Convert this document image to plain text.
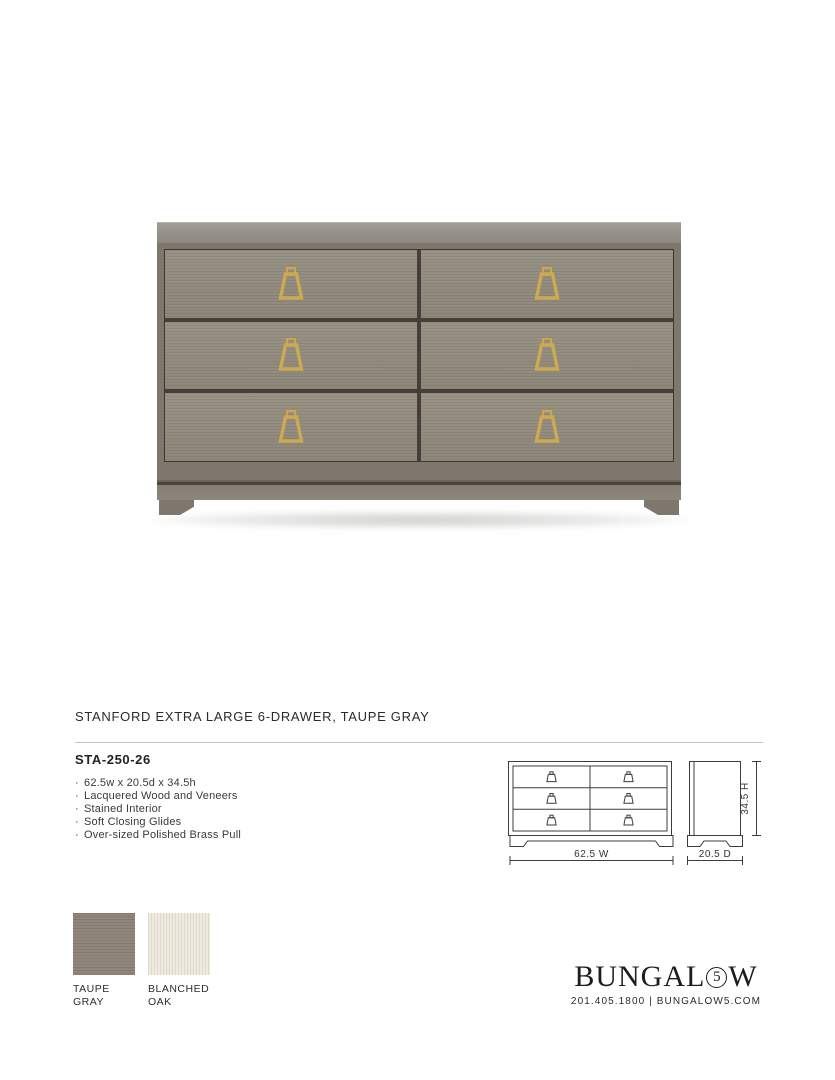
STANFORD EXTRA LARGE 6-DRAWER, TAUPE GRAY
STA-250-26
· 62.5w x 20.5d x 34.5h
· Lacquered Wood and Veneers
· Stained Interior
· Soft Closing Glides
· Over-sized Polished Brass Pull
62.5 W	20.5 D
34.5 H
TAUPE GRAY
BLANCHED OAK
BUNGAL 5 W
201.405.1800 | BUNGALOW5.COM
